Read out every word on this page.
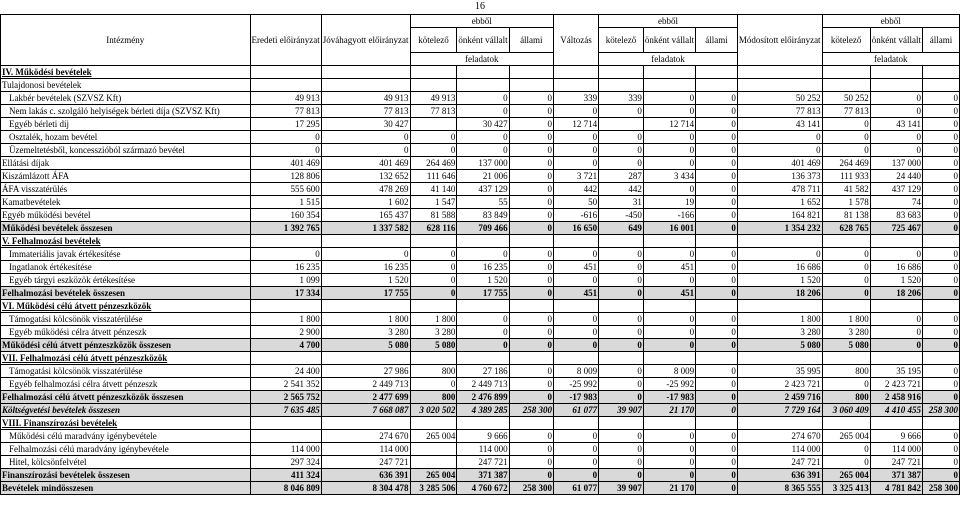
16
Intézmény	Eredeti előirányzat	Jóváhagyott előirányzat	ebből			Változás	ebből			Módosított előirányzat	ebből		
			kötelező	önként vállalt	állami		kötelező	önként vállalt	állami		kötelező	önként vállalt	állami
			feladatok				feladatok				feladatok		
IV. Működési bevételek													
Tulajdonosi bevételek													
Lakbér bevételek (SZVSZ Kft)	49 913	49 913	49 913	0	0	339	339	0	0	50 252	50 252	0	0
Nem lakás c. szolgáló helyiségek bérleti díja (SZVSZ Kft)	77 813	77 813	77 813	0	0	0	0	0	0	77 813	77 813	0	0
Egyéb bérleti díj	17 295	30 427		30 427	0	12 714		12 714	0	43 141	0	43 141	0
Osztalék, hozam bevétel	0	0	0	0	0	0	0	0	0	0	0	0	0
Üzemeltetésből, koncesszióból származó bevétel	0	0	0	0	0	0	0	0	0	0	0	0	0
Ellátási díjak	401 469	401 469	264 469	137 000	0	0	0	0	0	401 469	264 469	137 000	0
Kiszámlázott ÁFA	128 806	132 652	111 646	21 006	0	3 721	287	3 434	0	136 373	111 933	24 440	0
ÁFA visszatérülés	555 600	478 269	41 140	437 129	0	442	442	0	0	478 711	41 582	437 129	0
Kamatbevételek	1 515	1 602	1 547	55	0	50	31	19	0	1 652	1 578	74	0
Egyéb működési bevétel	160 354	165 437	81 588	83 849	0	-616	-450	-166	0	164 821	81 138	83 683	0
Működési bevételek összesen	1 392 765	1 337 582	628 116	709 466	0	16 650	649	16 001	0	1 354 232	628 765	725 467	0
V. Felhalmozási bevételek													
Immateriális javak értékesítése	0	0	0	0	0	0	0	0	0	0	0	0	0
Ingatlanok értékesítése	16 235	16 235	0	16 235	0	451	0	451	0	16 686	0	16 686	0
Egyéb tárgyi eszközök értékesítése	1 099	1 520	0	1 520	0	0	0	0	0	1 520	0	1 520	0
Felhalmozási bevételek összesen	17 334	17 755	0	17 755	0	451	0	451	0	18 206	0	18 206	0
VI. Működési célú átvett pénzeszközök													
Támogatási kölcsönök visszatérülése	1 800	1 800	1 800	0	0	0	0	0	0	1 800	1 800	0	0
Egyéb működési célra átvett pénzeszk	2 900	3 280	3 280	0	0	0	0	0	0	3 280	3 280	0	0
Működési célú átvett pénzeszközök összesen	4 700	5 080	5 080	0	0	0	0	0	0	5 080	5 080	0	0
VII. Felhalmozási célú átvett pénzeszközök													
Támogatási kölcsönök visszatérülése	24 400	27 986	800	27 186	0	8 009	0	8 009	0	35 995	800	35 195	0
Egyéb felhalmozási célra átvett pénzeszk	2 541 352	2 449 713	0	2 449 713	0	-25 992	0	-25 992	0	2 423 721	0	2 423 721	0
Felhalmozási célú átvett pénzeszközök összesen	2 565 752	2 477 699	800	2 476 899	0	-17 983	0	-17 983	0	2 459 716	800	2 458 916	0
Költségvetési bevételek összesen	7 635 485	7 668 087	3 020 502	4 389 285	258 300	61 077	39 907	21 170	0	7 729 164	3 060 409	4 410 455	258 300
VIII. Finanszírozási bevételek													
Működési célú maradvány igénybevétele		274 670	265 004	9 666	0	0	0	0	0	274 670	265 004	9 666	0
Felhalmozási célú maradvány igénybevétele	114 000	114 000		114 000	0	0	0	0	0	114 000	0	114 000	0
Hitel, kölcsönfelvétel	297 324	247 721		247 721	0	0	0	0	0	247 721	0	247 721	0
Finanszírozási bevételek összesen	411 324	636 391	265 004	371 387	0	0	0	0	0	636 391	265 004	371 387	0
Bevételek mindösszesen	8 046 809	8 304 478	3 285 506	4 760 672	258 300	61 077	39 907	21 170	0	8 365 555	3 325 413	4 781 842	258 300
